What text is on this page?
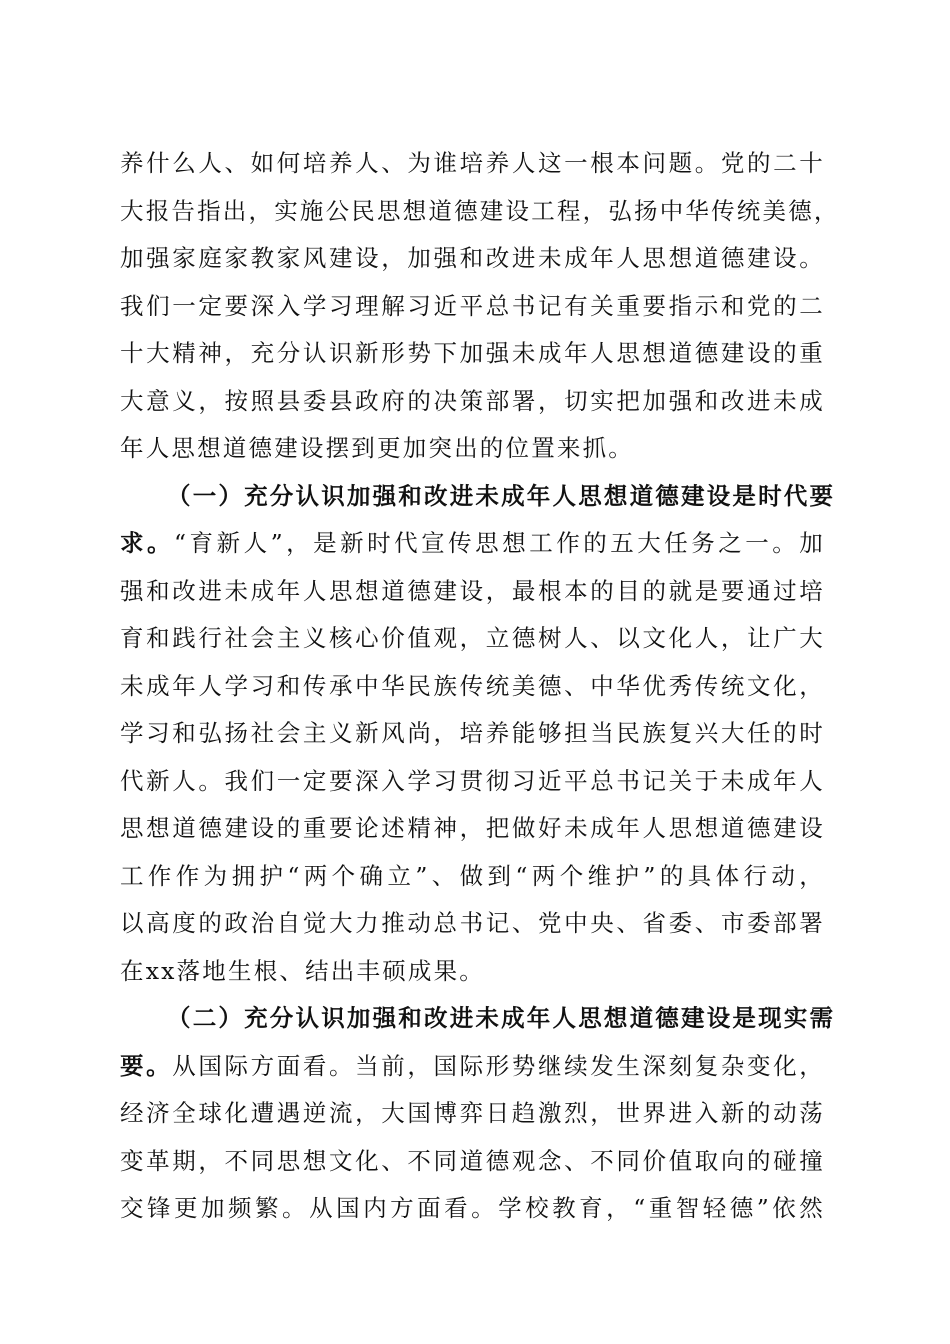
养什么人、如何培养人、为谁培养人这一根本问题。党的二十
大报告指出，实施公民思想道德建设工程，弘扬中华传统美德，
加强家庭家教家风建设，加强和改进未成年人思想道德建设。
我们一定要深入学习理解习近平总书记有关重要指示和党的二
十大精神，充分认识新形势下加强未成年人思想道德建设的重
大意义，按照县委县政府的决策部署，切实把加强和改进未成
年人思想道德建设摆到更加突出的位置来抓。
（一）充分认识加强和改进未成年人思想道德建设是时代要
求。“育新人”，是新时代宣传思想工作的五大任务之一。加
强和改进未成年人思想道德建设，最根本的目的就是要通过培
育和践行社会主义核心价值观，立德树人、以文化人，让广大
未成年人学习和传承中华民族传统美德、中华优秀传统文化，
学习和弘扬社会主义新风尚，培养能够担当民族复兴大任的时
代新人。我们一定要深入学习贯彻习近平总书记关于未成年人
思想道德建设的重要论述精神，把做好未成年人思想道德建设
工作作为拥护“两个确立”、做到“两个维护”的具体行动，
以高度的政治自觉大力推动总书记、党中央、省委、市委部署
在xx落地生根、结出丰硕成果。
（二）充分认识加强和改进未成年人思想道德建设是现实需
要。从国际方面看。当前，国际形势继续发生深刻复杂变化，
经济全球化遭遇逆流，大国博弈日趋激烈，世界进入新的动荡
变革期，不同思想文化、不同道德观念、不同价值取向的碰撞
交锋更加频繁。从国内方面看。学校教育，“重智轻德”依然
